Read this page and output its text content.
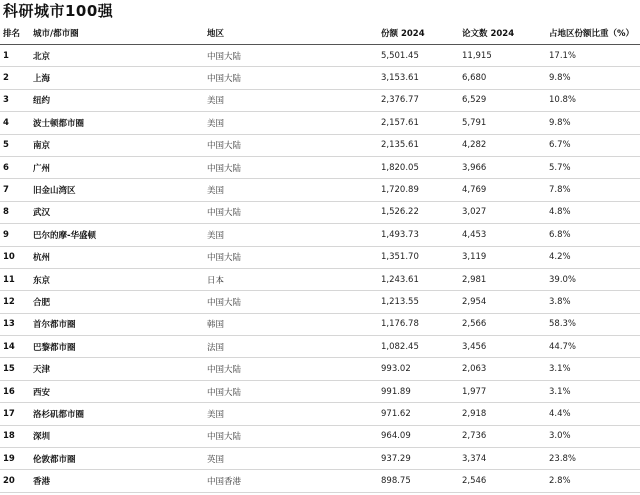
科研城市100强
排名	城市/都市圈	地区	份额 2024	论文数 2024	占地区份额比重（%）
1	北京	中国大陆	5,501.45	11,915	17.1%
2	上海	中国大陆	3,153.61	6,680	9.8%
3	纽约	美国	2,376.77	6,529	10.8%
4	波士顿都市圈	美国	2,157.61	5,791	9.8%
5	南京	中国大陆	2,135.61	4,282	6.7%
6	广州	中国大陆	1,820.05	3,966	5.7%
7	旧金山湾区	美国	1,720.89	4,769	7.8%
8	武汉	中国大陆	1,526.22	3,027	4.8%
9	巴尔的摩-华盛顿	美国	1,493.73	4,453	6.8%
10	杭州	中国大陆	1,351.70	3,119	4.2%
11	东京	日本	1,243.61	2,981	39.0%
12	合肥	中国大陆	1,213.55	2,954	3.8%
13	首尔都市圈	韩国	1,176.78	2,566	58.3%
14	巴黎都市圈	法国	1,082.45	3,456	44.7%
15	天津	中国大陆	993.02	2,063	3.1%
16	西安	中国大陆	991.89	1,977	3.1%
17	洛杉矶都市圈	美国	971.62	2,918	4.4%
18	深圳	中国大陆	964.09	2,736	3.0%
19	伦敦都市圈	英国	937.29	3,374	23.8%
20	香港	中国香港	898.75	2,546	2.8%
